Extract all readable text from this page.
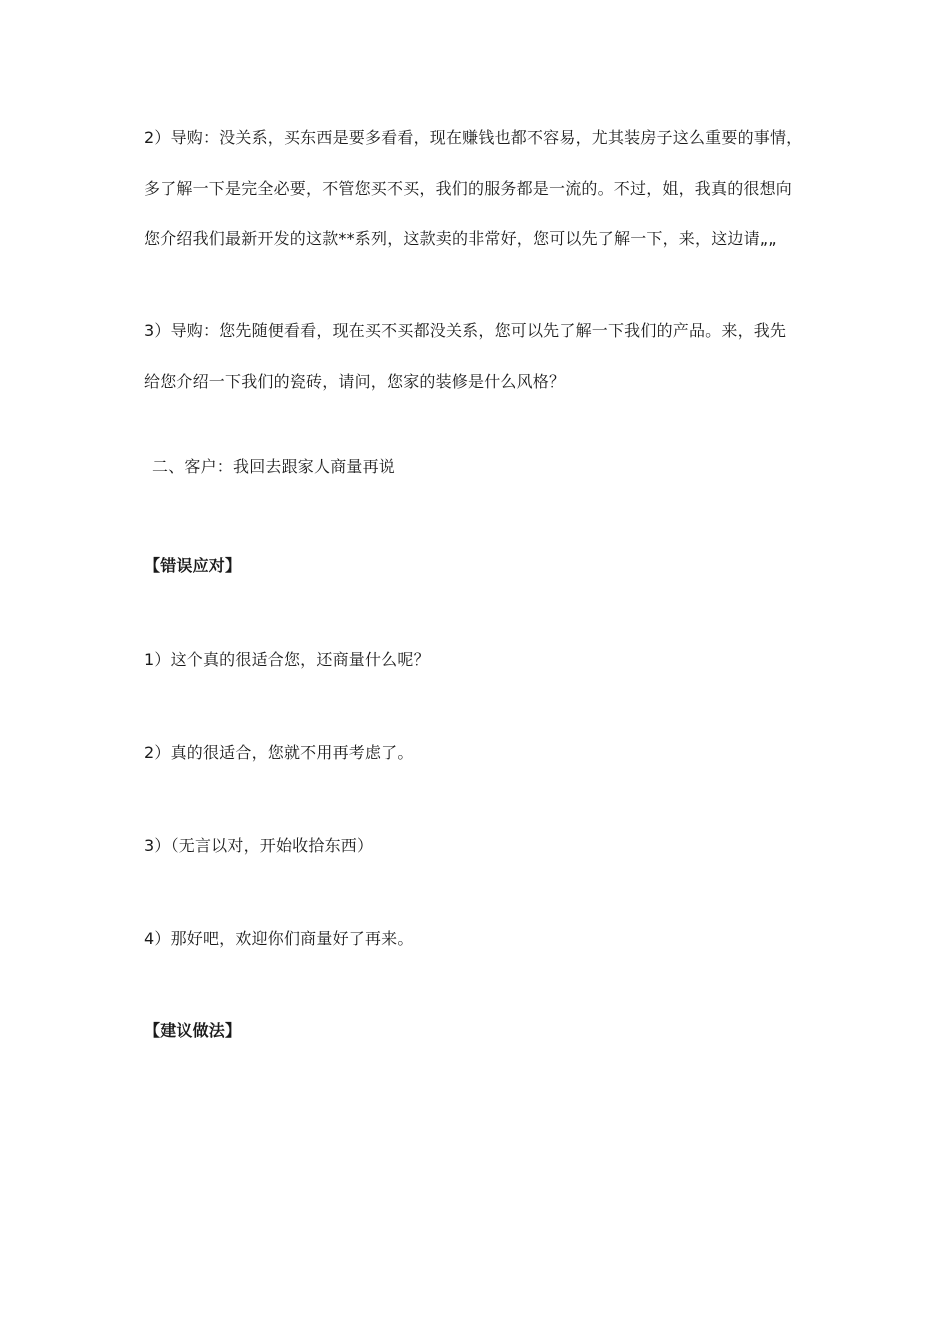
2）导购：没关系，买东西是要多看看，现在赚钱也都不容易，尤其装房子这么重要的事情，
多了解一下是完全必要，不管您买不买，我们的服务都是一流的。不过，姐，我真的很想向
您介绍我们最新开发的这款**系列，这款卖的非常好，您可以先了解一下，来，这边请„„
3）导购：您先随便看看，现在买不买都没关系，您可以先了解一下我们的产品。来，我先
给您介绍一下我们的瓷砖，请问，您家的装修是什么风格？
二、客户：我回去跟家人商量再说
【错误应对】
1）这个真的很适合您，还商量什么呢？
2）真的很适合，您就不用再考虑了。
3）（无言以对，开始收拾东西）
4）那好吧，欢迎你们商量好了再来。
【建议做法】
